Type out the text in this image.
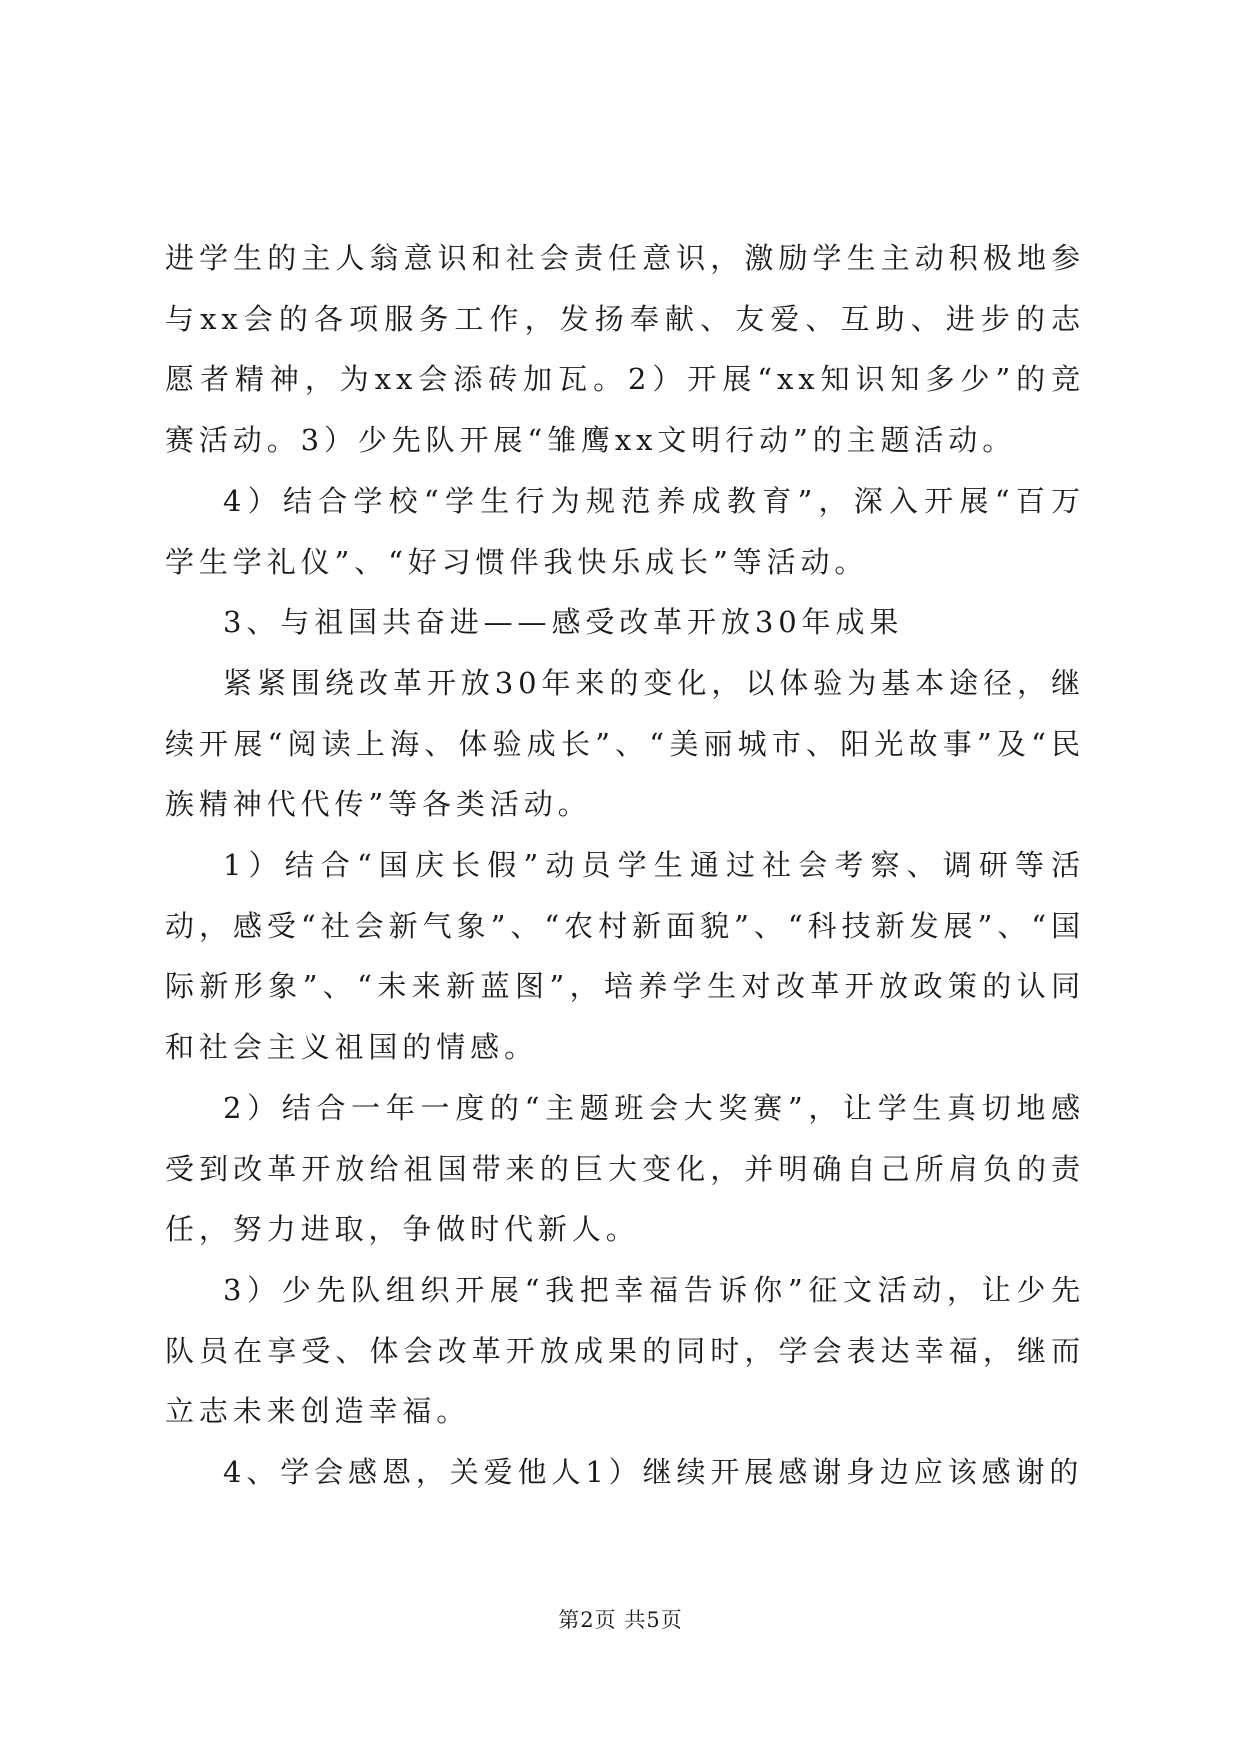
进学生的主人翁意识和社会责任意识，激励学生主动积极地参与xx会的各项服务工作，发扬奉献、友爱、互助、进步的志愿者精神，为xx会添砖加瓦。2）开展“xx知识知多少”的竞赛活动。3）少先队开展“雏鹰xx文明行动”的主题活动。

4）结合学校“学生行为规范养成教育”，深入开展“百万学生学礼仪”、“好习惯伴我快乐成长”等活动。

3、与祖国共奋进——感受改革开放30年成果

紧紧围绕改革开放30年来的变化，以体验为基本途径，继续开展“阅读上海、体验成长”、“美丽城市、阳光故事”及“民族精神代代传”等各类活动。

1）结合“国庆长假”动员学生通过社会考察、调研等活动，感受“社会新气象”、“农村新面貌”、“科技新发展”、“国际新形象”、“未来新蓝图”，培养学生对改革开放政策的认同和社会主义祖国的情感。

2）结合一年一度的“主题班会大奖赛”，让学生真切地感受到改革开放给祖国带来的巨大变化，并明确自己所肩负的责任，努力进取，争做时代新人。

3）少先队组织开展“我把幸福告诉你”征文活动，让少先队员在享受、体会改革开放成果的同时，学会表达幸福，继而立志未来创造幸福。

4、学会感恩，关爱他人1）继续开展感谢身边应该感谢的

第2页 共5页
